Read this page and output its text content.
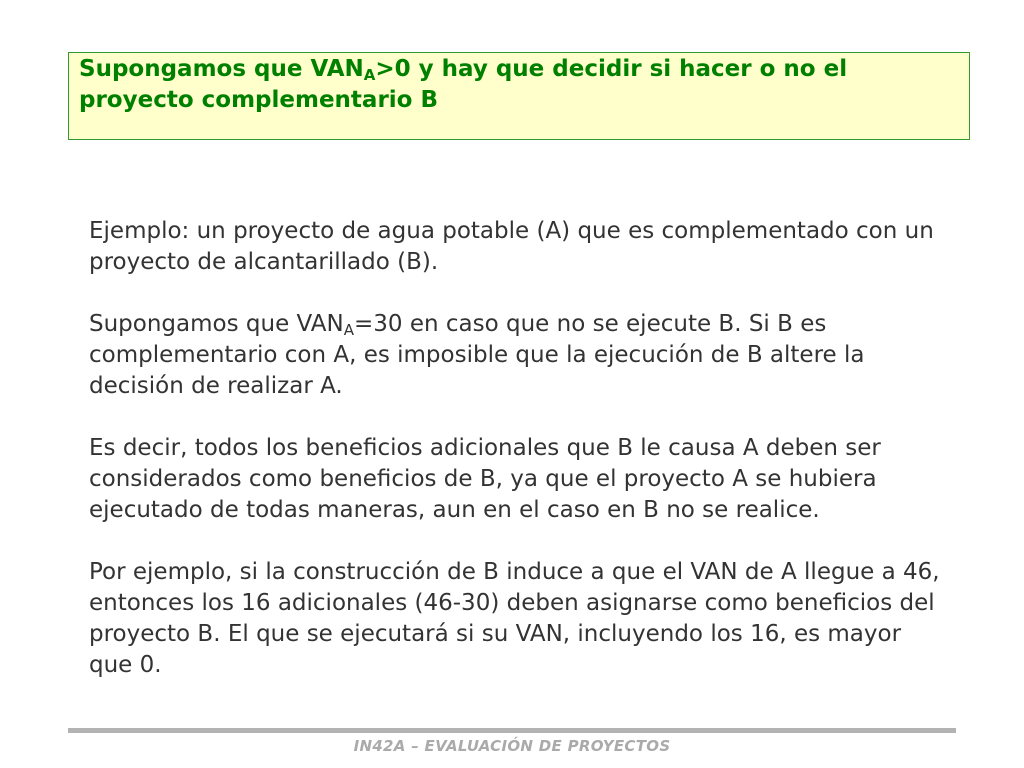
Supongamos que $VAN_A>0$ y hay que decidir si hacer o no el proyecto complementario B

Ejemplo: un proyecto de agua potable (A) que es complementado con un proyecto de alcantarillado (B).

Supongamos que $VAN_A=30$ en caso que no se ejecute B. Si B es complementario con A, es imposible que la ejecución de B altere la decisión de realizar A.

Es decir, todos los beneficios adicionales que B le causa A deben ser considerados como beneficios de B, ya que el proyecto A se hubiera ejecutado de todas maneras, aun en el caso en B no se realice.

Por ejemplo, si la construcción de B induce a que el VAN de A llegue a 46, entonces los 16 adicionales (46-30) deben asignarse como beneficios del proyecto B. El que se ejecutará si su VAN, incluyendo los 16, es mayor que 0.

IN42A – EVALUACIÓN DE PROYECTOS
